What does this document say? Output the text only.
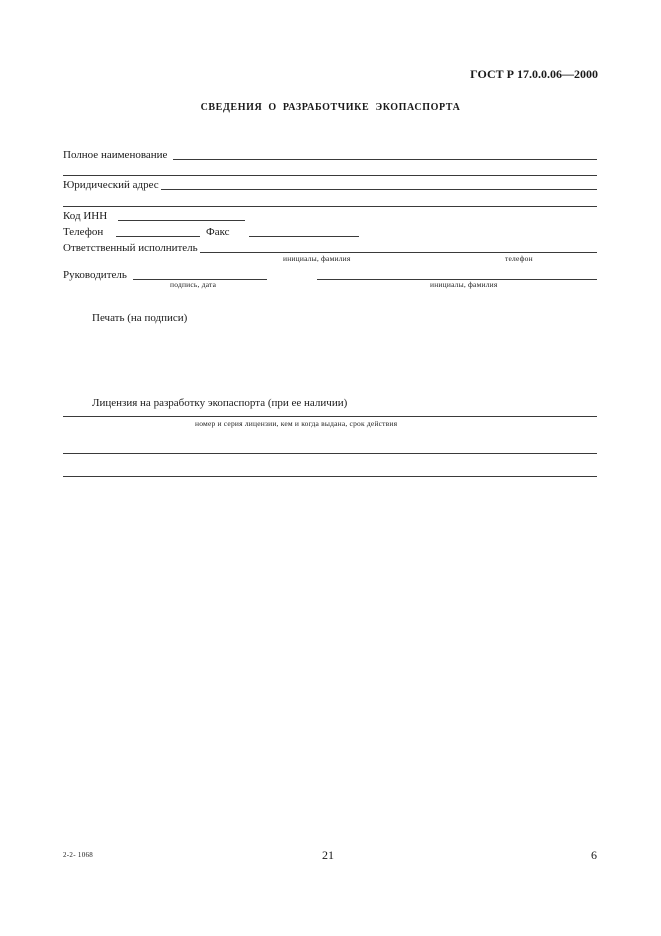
ГОСТ Р 17.0.0.06—2000
СВЕДЕНИЯ О РАЗРАБОТЧИКЕ ЭКОПАСПОРТА
Полное наименование
Юридический адрес
Код ИНН
Телефон	Факс
Ответственный исполнитель
инициалы, фамилия	телефон
Руководитель
подпись, дата	инициалы, фамилия
Печать (на подписи)
Лицензия на разработку экопаспорта (при ее наличии)
номер и серия лицензии, кем и когда выдана, срок действия
2-2- 1068	21	6
